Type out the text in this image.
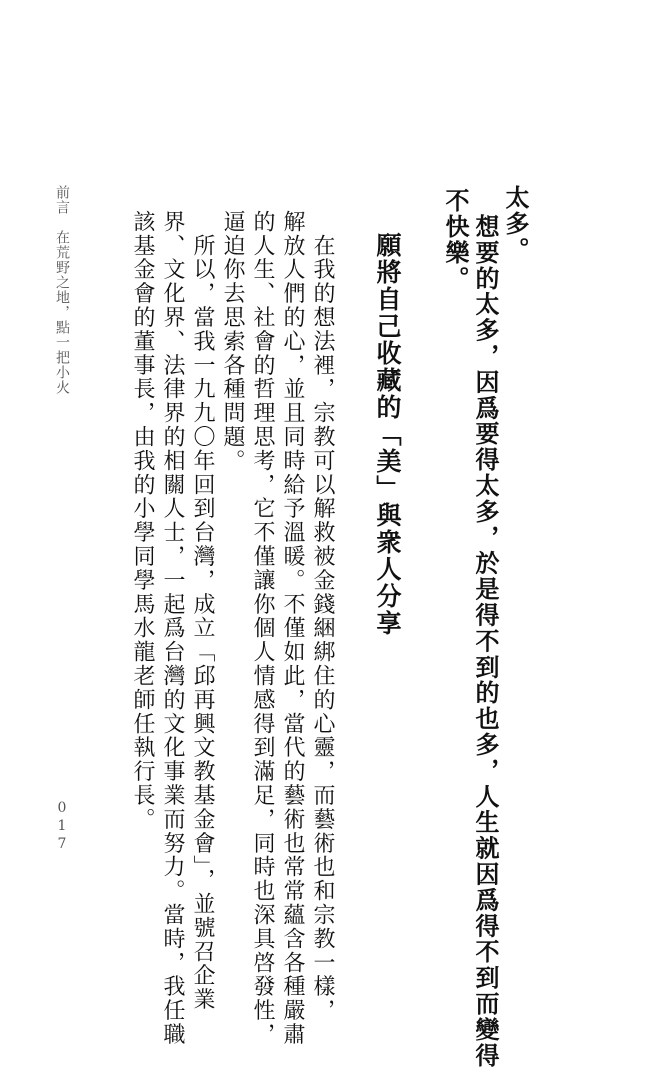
太多。
　想要的太多，因爲要得太多，於是得不到的也多，人生就因爲得不到而變得
不快樂。
願將自己收藏的「美」與衆人分享
　在我的想法裡，宗教可以解救被金錢綑綁住的心靈，而藝術也和宗教一樣，
解放人們的心，並且同時給予溫暖。不僅如此，當代的藝術也常常蘊含各種嚴肅
的人生、社會的哲理思考，它不僅讓你個人情感得到滿足，同時也深具啓發性，
逼迫你去思索各種問題。
　所以，當我一九九〇年回到台灣，成立「邱再興文教基金會」，並號召企業
界、文化界、法律界的相關人士，一起爲台灣的文化事業而努力。當時，我任職
該基金會的董事長，由我的小學同學馬水龍老師任執行長。
前言　在荒野之地，點一把小火
017
